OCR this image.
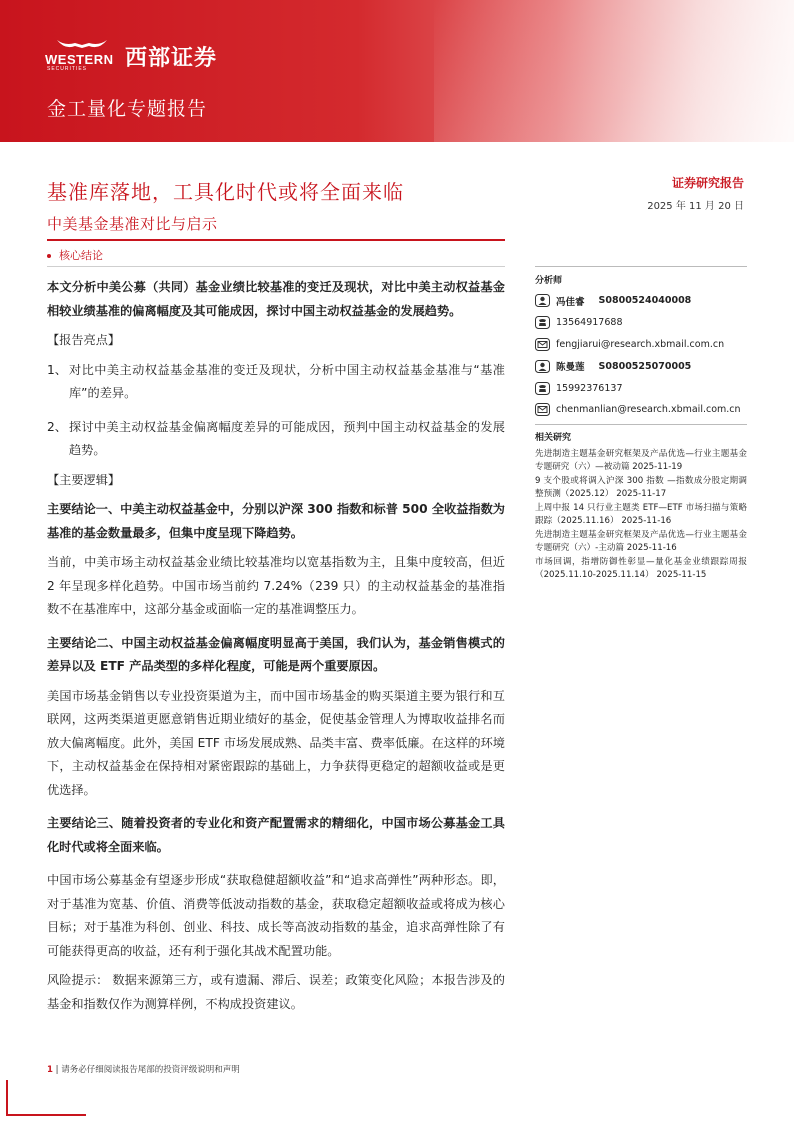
WESTERN
SECURITIES 西部证券
金工量化专题报告
基准库落地，工具化时代或将全面来临
中美基金基准对比与启示
证券研究报告
2025 年 11 月 20 日
核心结论

本文分析中美公募（共同）基金业绩比较基准的变迁及现状，对比中美主动权益基金相较业绩基准的偏离幅度及其可能成因，探讨中国主动权益基金的发展趋势。

【报告亮点】

1、 对比中美主动权益基金基准的变迁及现状，分析中国主动权益基金基准与“基准库”的差异。

2、 探讨中美主动权益基金偏离幅度差异的可能成因，预判中国主动权益基金的发展趋势。

【主要逻辑】

主要结论一、中美主动权益基金中，分别以沪深 300 指数和标普 500 全收益指数为基准的基金数量最多，但集中度呈现下降趋势。

当前，中美市场主动权益基金业绩比较基准均以宽基指数为主，且集中度较高，但近 2 年呈现多样化趋势。中国市场当前约 7.24%（239 只）的主动权益基金的基准指数不在基准库中，这部分基金或面临一定的基准调整压力。

主要结论二、中国主动权益基金偏离幅度明显高于美国，我们认为，基金销售模式的差异以及 ETF 产品类型的多样化程度，可能是两个重要原因。

美国市场基金销售以专业投资渠道为主，而中国市场基金的购买渠道主要为银行和互联网，这两类渠道更愿意销售近期业绩好的基金，促使基金管理人为博取收益排名而放大偏离幅度。此外，美国 ETF 市场发展成熟、品类丰富、费率低廉。在这样的环境下，主动权益基金在保持相对紧密跟踪的基础上，力争获得更稳定的超额收益或是更优选择。

主要结论三、随着投资者的专业化和资产配置需求的精细化，中国市场公募基金工具化时代或将全面来临。

中国市场公募基金有望逐步形成“获取稳健超额收益”和“追求高弹性”两种形态。即，对于基准为宽基、价值、消费等低波动指数的基金，获取稳定超额收益或将成为核心目标；对于基准为科创、创业、科技、成长等高波动指数的基金，追求高弹性除了有可能获得更高的收益，还有利于强化其战术配置功能。

风险提示： 数据来源第三方，或有遗漏、滞后、误差；政策变化风险；本报告涉及的基金和指数仅作为测算样例，不构成投资建议。

分析师
冯佳睿 S0800524040008
13564917688
fengjiarui@research.xbmail.com.cn
陈曼莲 S0800525070005
15992376137
chenmanlian@research.xbmail.com.cn
相关研究
先进制造主题基金研究框架及产品优选—行业主题基金专题研究（六）—被动篇 2025-11-19
9 支个股或将调入沪深 300 指数 —指数成分股定期调整预测（2025.12） 2025-11-17
上周中报 14 只行业主题类 ETF—ETF 市场扫描与策略跟踪（2025.11.16） 2025-11-16
先进制造主题基金研究框架及产品优选—行业主题基金专题研究（六）-主动篇 2025-11-16
市场回调，指增防御性彰显—量化基金业绩跟踪周报（2025.11.10-2025.11.14） 2025-11-15
1 | 请务必仔细阅读报告尾部的投资评级说明和声明
